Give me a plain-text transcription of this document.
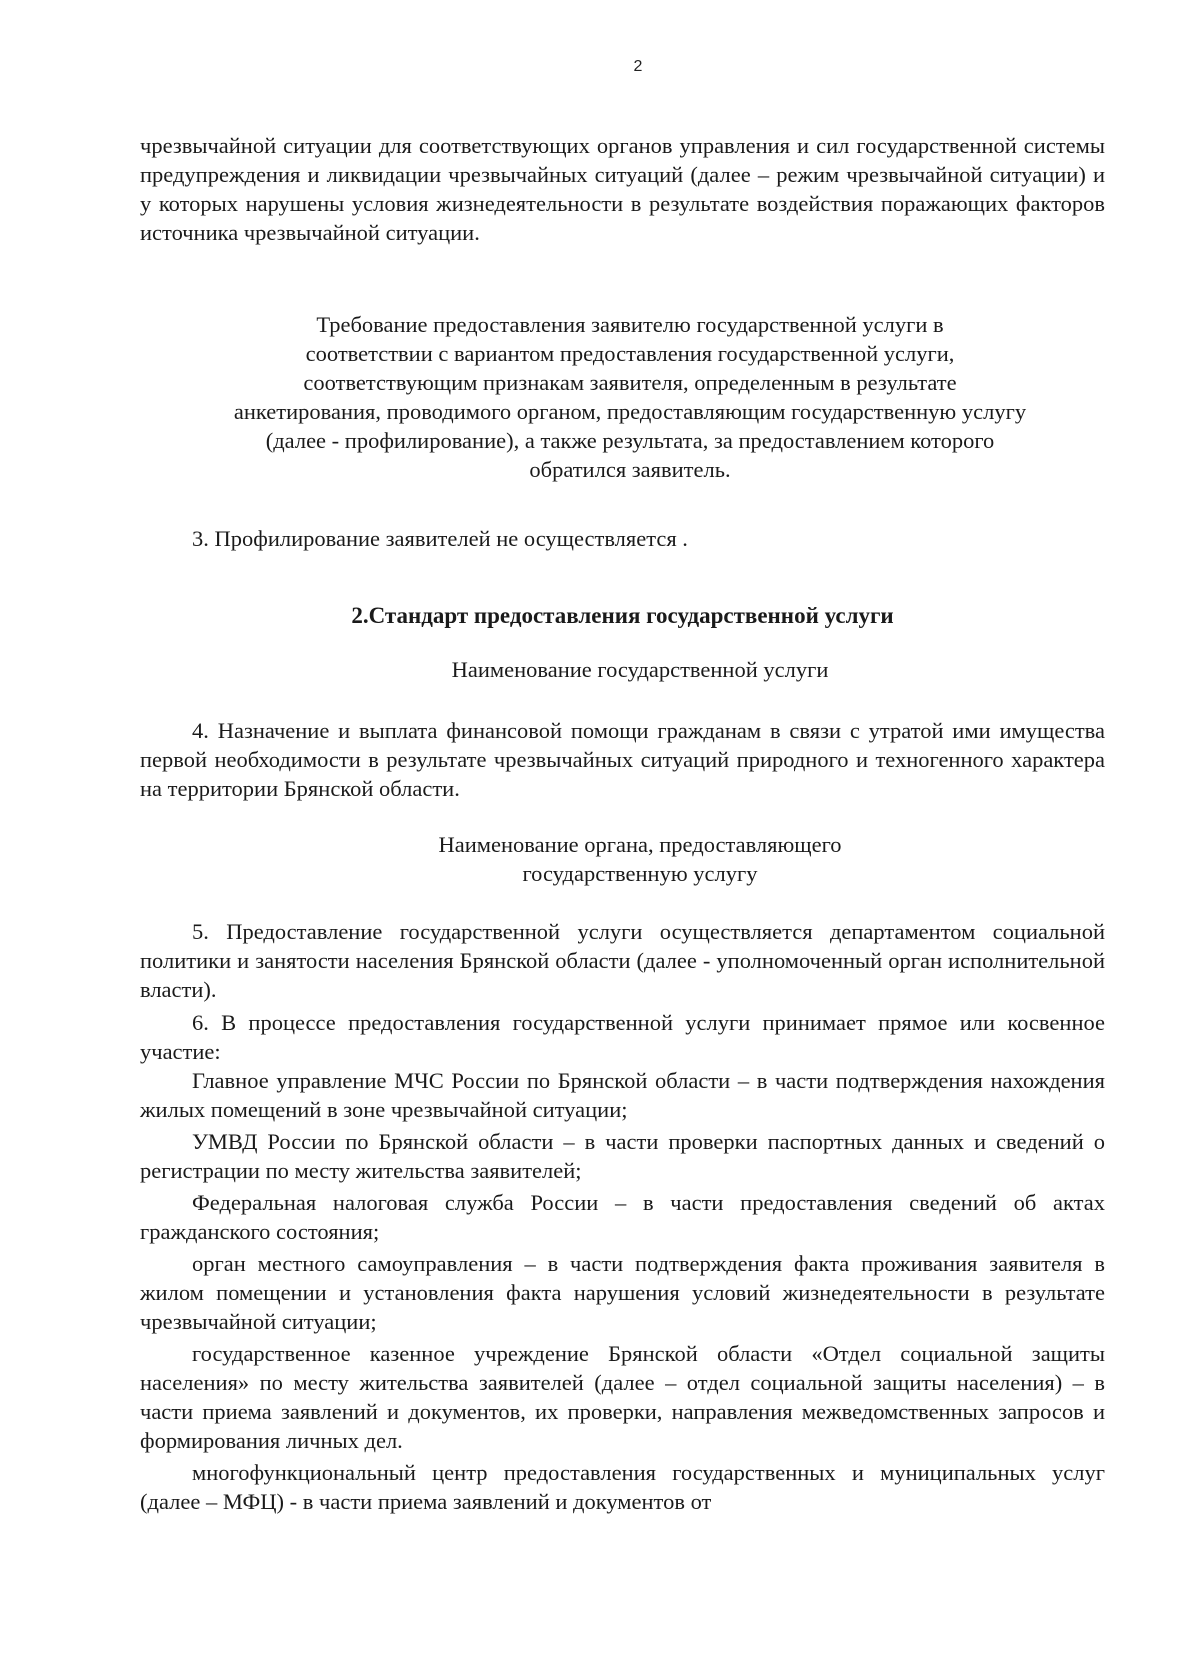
2

чрезвычайной ситуации для соответствующих органов управления и сил государственной системы предупреждения и ликвидации чрезвычайных ситуаций (далее – режим чрезвычайной ситуации) и у которых нарушены условия жизнедеятельности в результате воздействия поражающих факторов источника чрезвычайной ситуации.

Требование предоставления заявителю государственной услуги в
соответствии с вариантом предоставления государственной услуги,
соответствующим признакам заявителя, определенным в результате
анкетирования, проводимого органом, предоставляющим государственную услугу
(далее - профилирование), а также результата, за предоставлением которого
обратился заявитель.

3. Профилирование заявителей не осуществляется .

2.Стандарт предоставления государственной услуги
Наименование государственной услуги

4. Назначение и выплата финансовой помощи гражданам в связи с утратой ими имущества первой необходимости в результате чрезвычайных ситуаций природного и техногенного характера на территории Брянской области.

Наименование органа, предоставляющего
государственную услугу

5. Предоставление государственной услуги осуществляется департаментом социальной политики и занятости населения Брянской области (далее - уполномоченный орган исполнительной власти).

6. В процессе предоставления государственной услуги принимает прямое или косвенное участие:

Главное управление МЧС России по Брянской области – в части подтверждения нахождения жилых помещений в зоне чрезвычайной ситуации;

УМВД России по Брянской области – в части проверки паспортных данных и сведений о регистрации по месту жительства заявителей;

Федеральная налоговая служба России – в части предоставления сведений об актах гражданского состояния;

орган местного самоуправления – в части подтверждения факта проживания заявителя в жилом помещении и установления факта нарушения условий жизнедеятельности в результате чрезвычайной ситуации;

государственное казенное учреждение Брянской области «Отдел социальной защиты населения» по месту жительства заявителей (далее – отдел социальной защиты населения) – в части приема заявлений и документов, их проверки, направления межведомственных запросов и формирования личных дел.

многофункциональный центр предоставления государственных и муниципальных услуг (далее – МФЦ) - в части приема заявлений и документов от
